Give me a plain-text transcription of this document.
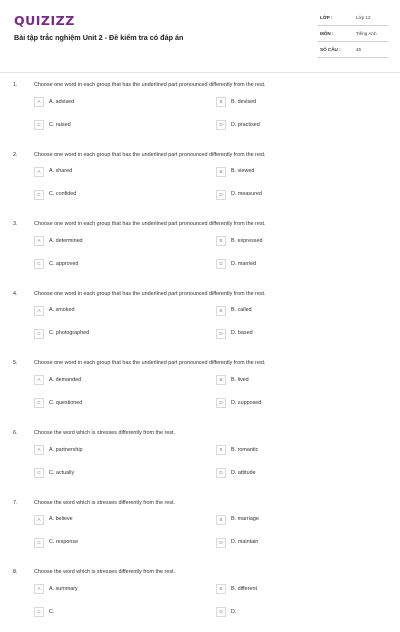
QUIZIZZ
Bài tập trắc nghiệm Unit 2 - Đề kiểm tra có đáp án
LỚP :	Lớp 12
MÔN :	Tiếng Anh
SỐ CÂU :	45
1.	Choose one word in each group that has the underlined part pronounced differently from the rest.
A	A. advised	B	B. devised
C	C. raised	D	D. practised
2.	Choose one word in each group that has the underlined part pronounced differently from the rest.
A	A. shared	B	B. viewed
C	C. confided	D	D. measured
3.	Choose one word in each group that has the underlined part pronounced differently from the rest.
A	A. determined	B	B. expressed
C	C. approved	D	D. married
4.	Choose one word in each group that has the underlined part pronounced differently from the rest.
A	A. smoked	B	B. called
C	C. photographed	D	D. based
5.	Choose one word in each group that has the underlined part pronounced differently from the rest.
A	A. demanded	B	B. lived
C	C. questioned	D	D. supposed
6.	Choose the word which is stresses differently from the rest.
A	A. partnership	B	B. romantic
C	C. actually	D	D. attitude
7.	Choose the word which is stresses differently from the rest.
A	A. believe	B	B. marriage
C	C. response	D	D. maintain
8.	Choose the word which is stresses differently from the rest.
A	A. summary	B	B. different
C	C.	D	D.
